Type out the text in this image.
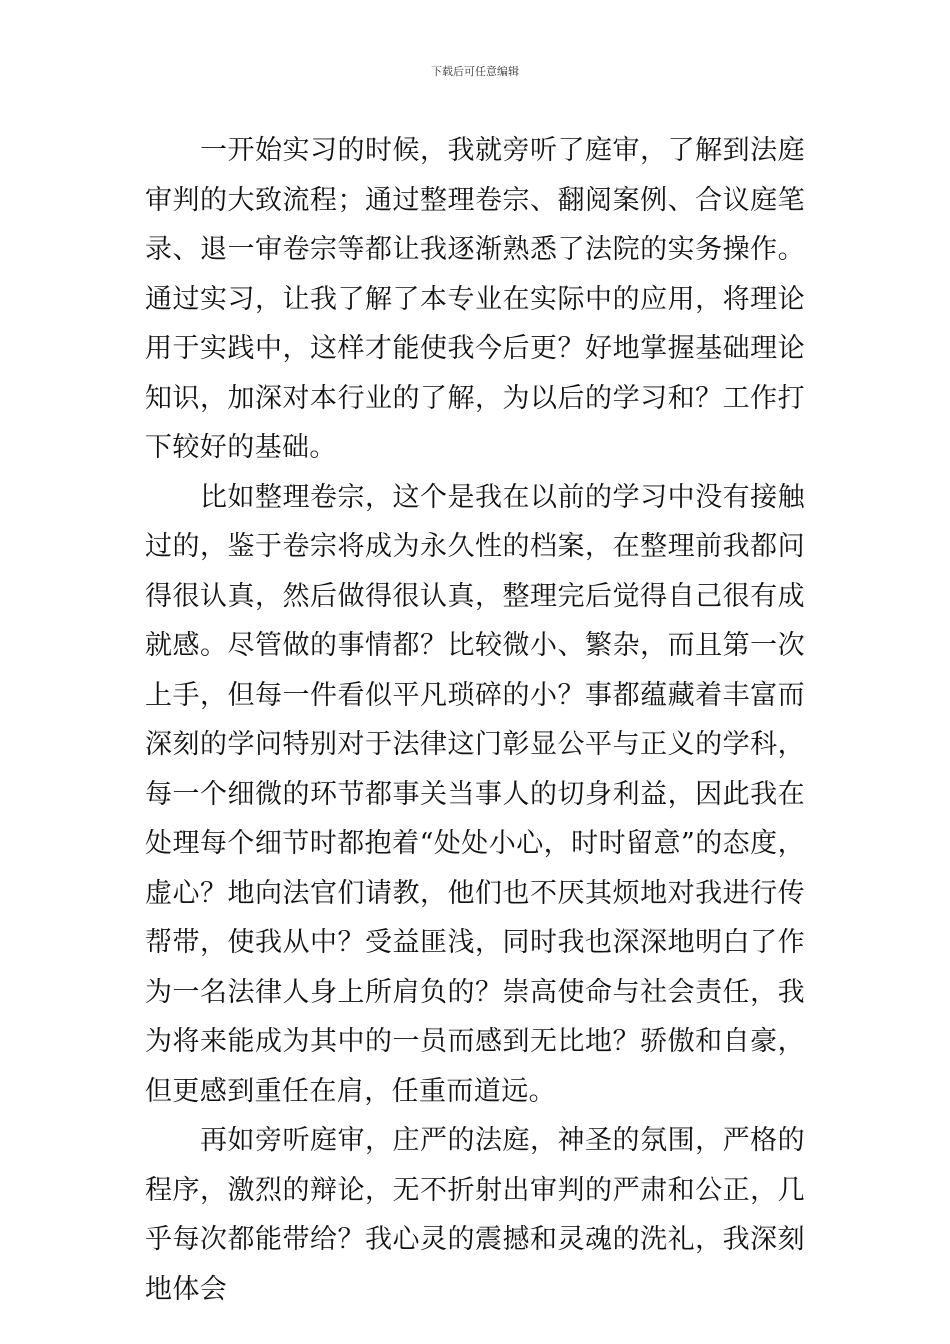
下载后可任意编辑

一开始实习的时候，我就旁听了庭审，了解到法庭审判的大致流程；通过整理卷宗、翻阅案例、合议庭笔录、退一审卷宗等都让我逐渐熟悉了法院的实务操作。通过实习，让我了解了本专业在实际中的应用，将理论用于实践中，这样才能使我今后更？好地掌握基础理论知识，加深对本行业的了解，为以后的学习和？工作打下较好的基础。

比如整理卷宗，这个是我在以前的学习中没有接触过的，鉴于卷宗将成为永久性的档案，在整理前我都问得很认真，然后做得很认真，整理完后觉得自己很有成就感。尽管做的事情都？比较微小、繁杂，而且第一次上手，但每一件看似平凡琐碎的小？事都蕴藏着丰富而深刻的学问特别对于法律这门彰显公平与正义的学科，每一个细微的环节都事关当事人的切身利益，因此我在处理每个细节时都抱着“处处小心，时时留意”的态度，虚心？地向法官们请教，他们也不厌其烦地对我进行传帮带，使我从中？受益匪浅，同时我也深深地明白了作为一名法律人身上所肩负的？崇高使命与社会责任，我为将来能成为其中的一员而感到无比地？骄傲和自豪，但更感到重任在肩，任重而道远。

再如旁听庭审，庄严的法庭，神圣的氛围，严格的程序，激烈的辩论，无不折射出审判的严肃和公正，几乎每次都能带给？我心灵的震撼和灵魂的洗礼，我深刻地体会
